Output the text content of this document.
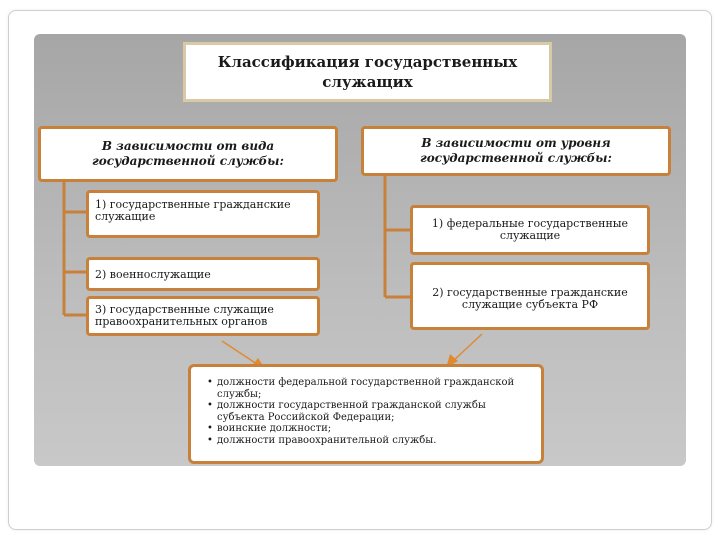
Классификация государственных служащих
В зависимости от вида государственной службы:
В зависимости от уровня государственной службы:
1) государственные гражданские служащие
2) военнослужащие
3) государственные служащие правоохранительных органов
1) федеральные государственные служащие
2) государственные гражданские служащие субъекта РФ
• должности федеральной государственной гражданской службы;
• должности государственной гражданской службы субъекта Российской Федерации;
• воинские должности;
• должности правоохранительной службы.
